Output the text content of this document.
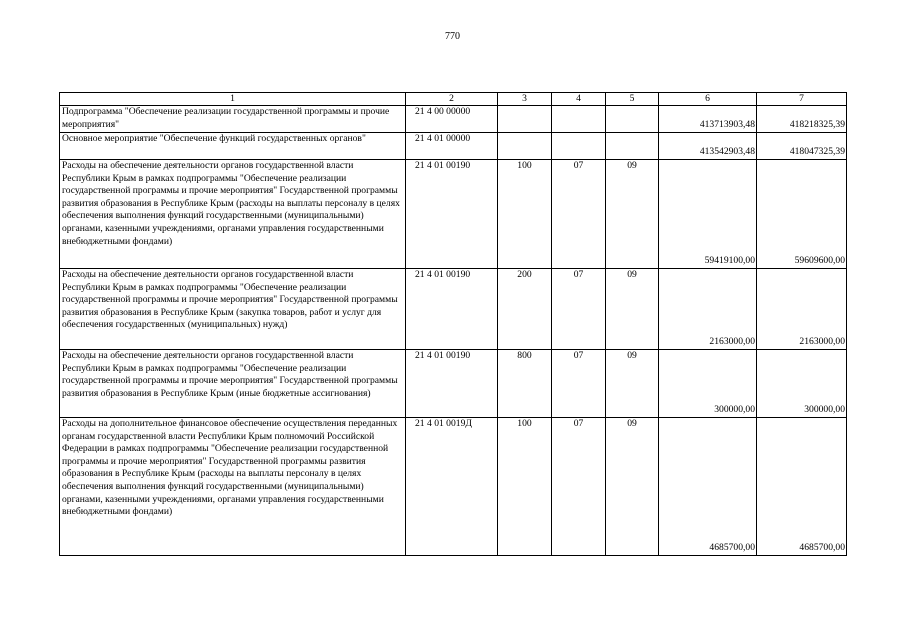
770
1	2	3	4	5	6	7
Подпрограмма "Обеспечение реализации государственной программы и прочие мероприятия"	21 4 00 00000				413713903,48	418218325,39
Основное мероприятие "Обеспечение функций государственных органов"	21 4 01 00000				413542903,48	418047325,39
Расходы на обеспечение деятельности органов государственной власти Республики Крым в рамках подпрограммы "Обеспечение реализации государственной программы и прочие мероприятия" Государственной программы развития образования в Республике Крым (расходы на выплаты персоналу в целях обеспечения выполнения функций государственными (муниципальными) органами, казенными учреждениями, органами управления государственными внебюджетными фондами)	21 4 01 00190	100	07	09	59419100,00	59609600,00
Расходы на обеспечение деятельности органов государственной власти Республики Крым в рамках подпрограммы "Обеспечение реализации государственной программы и прочие мероприятия" Государственной программы развития образования в Республике Крым (закупка товаров, работ и услуг для обеспечения государственных (муниципальных) нужд)	21 4 01 00190	200	07	09	2163000,00	2163000,00
Расходы на обеспечение деятельности органов государственной власти Республики Крым в рамках подпрограммы "Обеспечение реализации государственной программы и прочие мероприятия" Государственной программы развития образования в Республике Крым (иные бюджетные ассигнования)	21 4 01 00190	800	07	09	300000,00	300000,00
Расходы на дополнительное финансовое обеспечение осуществления переданных органам государственной власти Республики Крым полномочий Российской Федерации в рамках подпрограммы "Обеспечение реализации государственной программы и прочие мероприятия" Государственной программы развития образования в Республике Крым (расходы на выплаты персоналу в целях обеспечения выполнения функций государственными (муниципальными) органами, казенными учреждениями, органами управления государственными внебюджетными фондами)	21 4 01 0019Д	100	07	09	4685700,00	4685700,00
